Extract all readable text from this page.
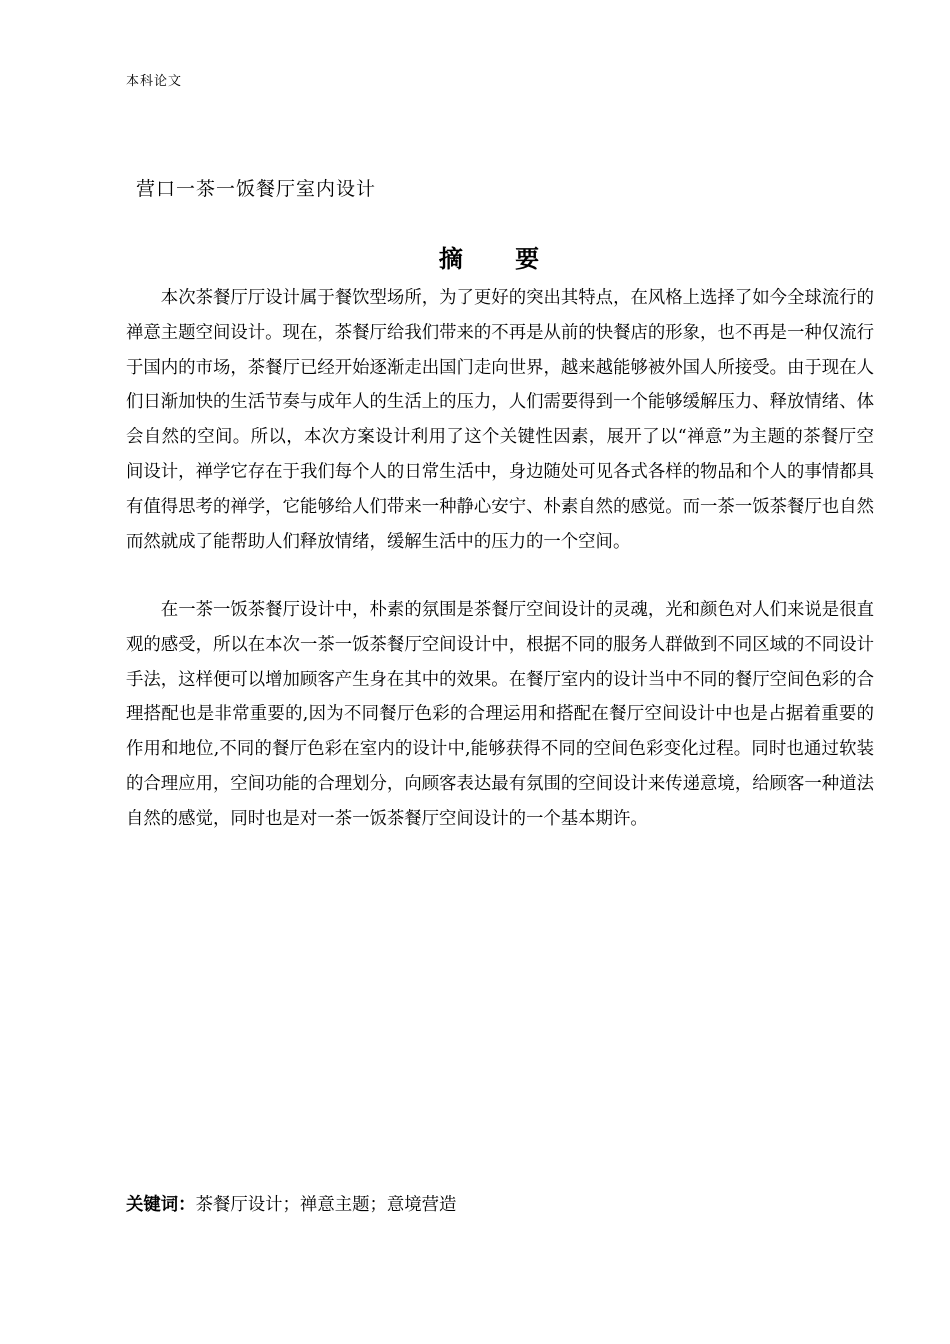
本科论文
营口一茶一饭餐厅室内设计
摘 要

本次茶餐厅厅设计属于餐饮型场所，为了更好的突出其特点，在风格上选择了如今全球流行的禅意主题空间设计。现在，茶餐厅给我们带来的不再是从前的快餐店的形象，也不再是一种仅流行于国内的市场，茶餐厅已经开始逐渐走出国门走向世界，越来越能够被外国人所接受。由于现在人们日渐加快的生活节奏与成年人的生活上的压力，人们需要得到一个能够缓解压力、释放情绪、体会自然的空间。所以，本次方案设计利用了这个关键性因素，展开了以“禅意”为主题的茶餐厅空间设计，禅学它存在于我们每个人的日常生活中，身边随处可见各式各样的物品和个人的事情都具有值得思考的禅学，它能够给人们带来一种静心安宁、朴素自然的感觉。而一茶一饭茶餐厅也自然而然就成了能帮助人们释放情绪，缓解生活中的压力的一个空间。

在一茶一饭茶餐厅设计中，朴素的氛围是茶餐厅空间设计的灵魂，光和颜色对人们来说是很直观的感受，所以在本次一茶一饭茶餐厅空间设计中，根据不同的服务人群做到不同区域的不同设计手法，这样便可以增加顾客产生身在其中的效果。在餐厅室内的设计当中不同的餐厅空间色彩的合理搭配也是非常重要的,因为不同餐厅色彩的合理运用和搭配在餐厅空间设计中也是占据着重要的作用和地位,不同的餐厅色彩在室内的设计中,能够获得不同的空间色彩变化过程。同时也通过软装的合理应用，空间功能的合理划分，向顾客表达最有氛围的空间设计来传递意境，给顾客一种道法自然的感觉，同时也是对一茶一饭茶餐厅空间设计的一个基本期许。

关键词：茶餐厅设计；禅意主题；意境营造
